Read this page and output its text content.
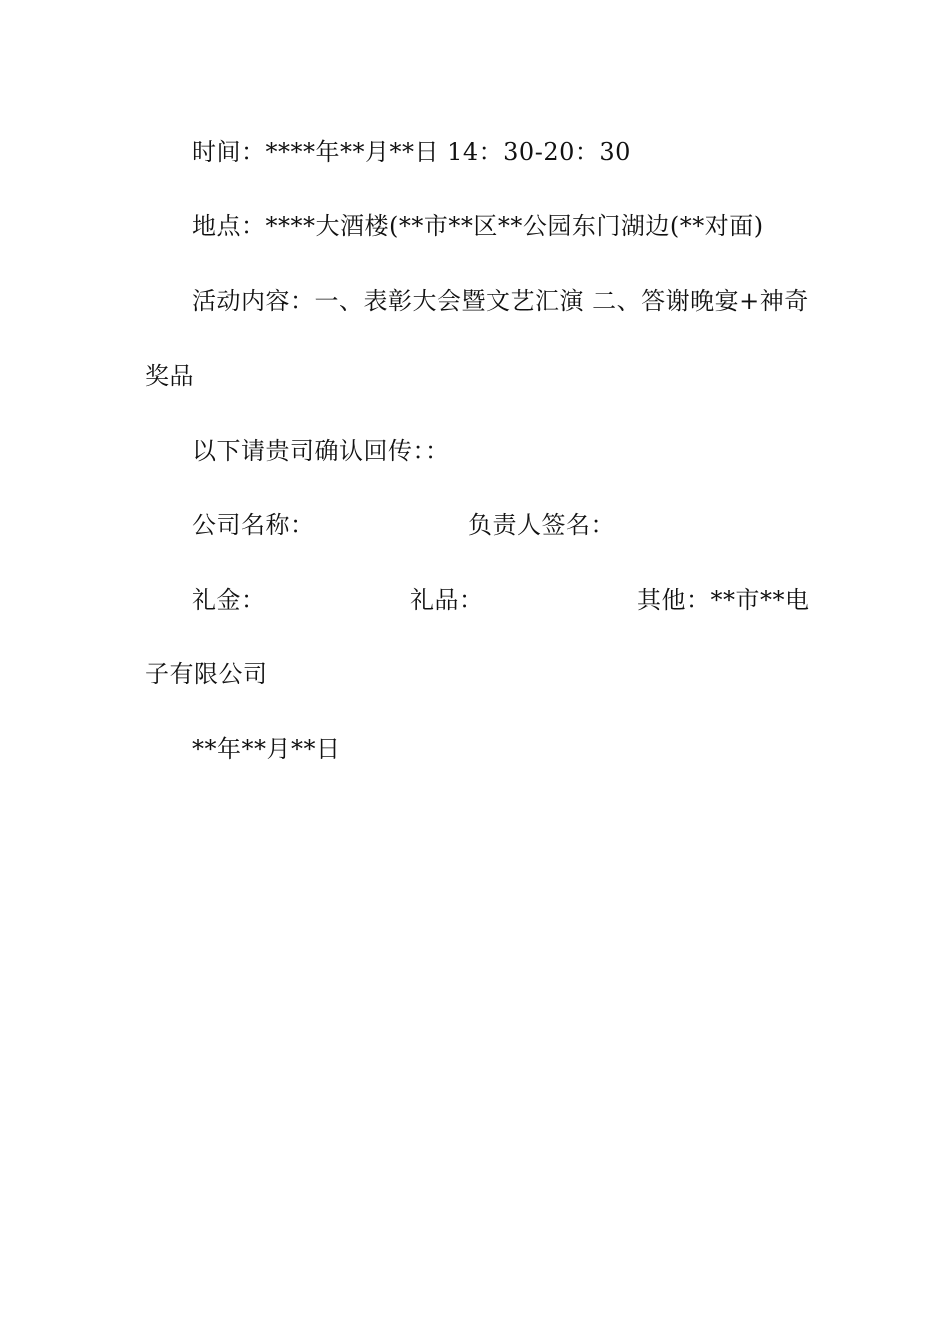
时间：****年**月**日 14：30-20：30
地点：****大酒楼(**市**区**公园东门湖边(**对面)
活动内容：一、表彰大会暨文艺汇演 二、答谢晚宴+神奇
奖品
以下请贵司确认回传：：
公司名称：	负责人签名：
礼金：	礼品：	其他：**市**电
子有限公司
**年**月**日
